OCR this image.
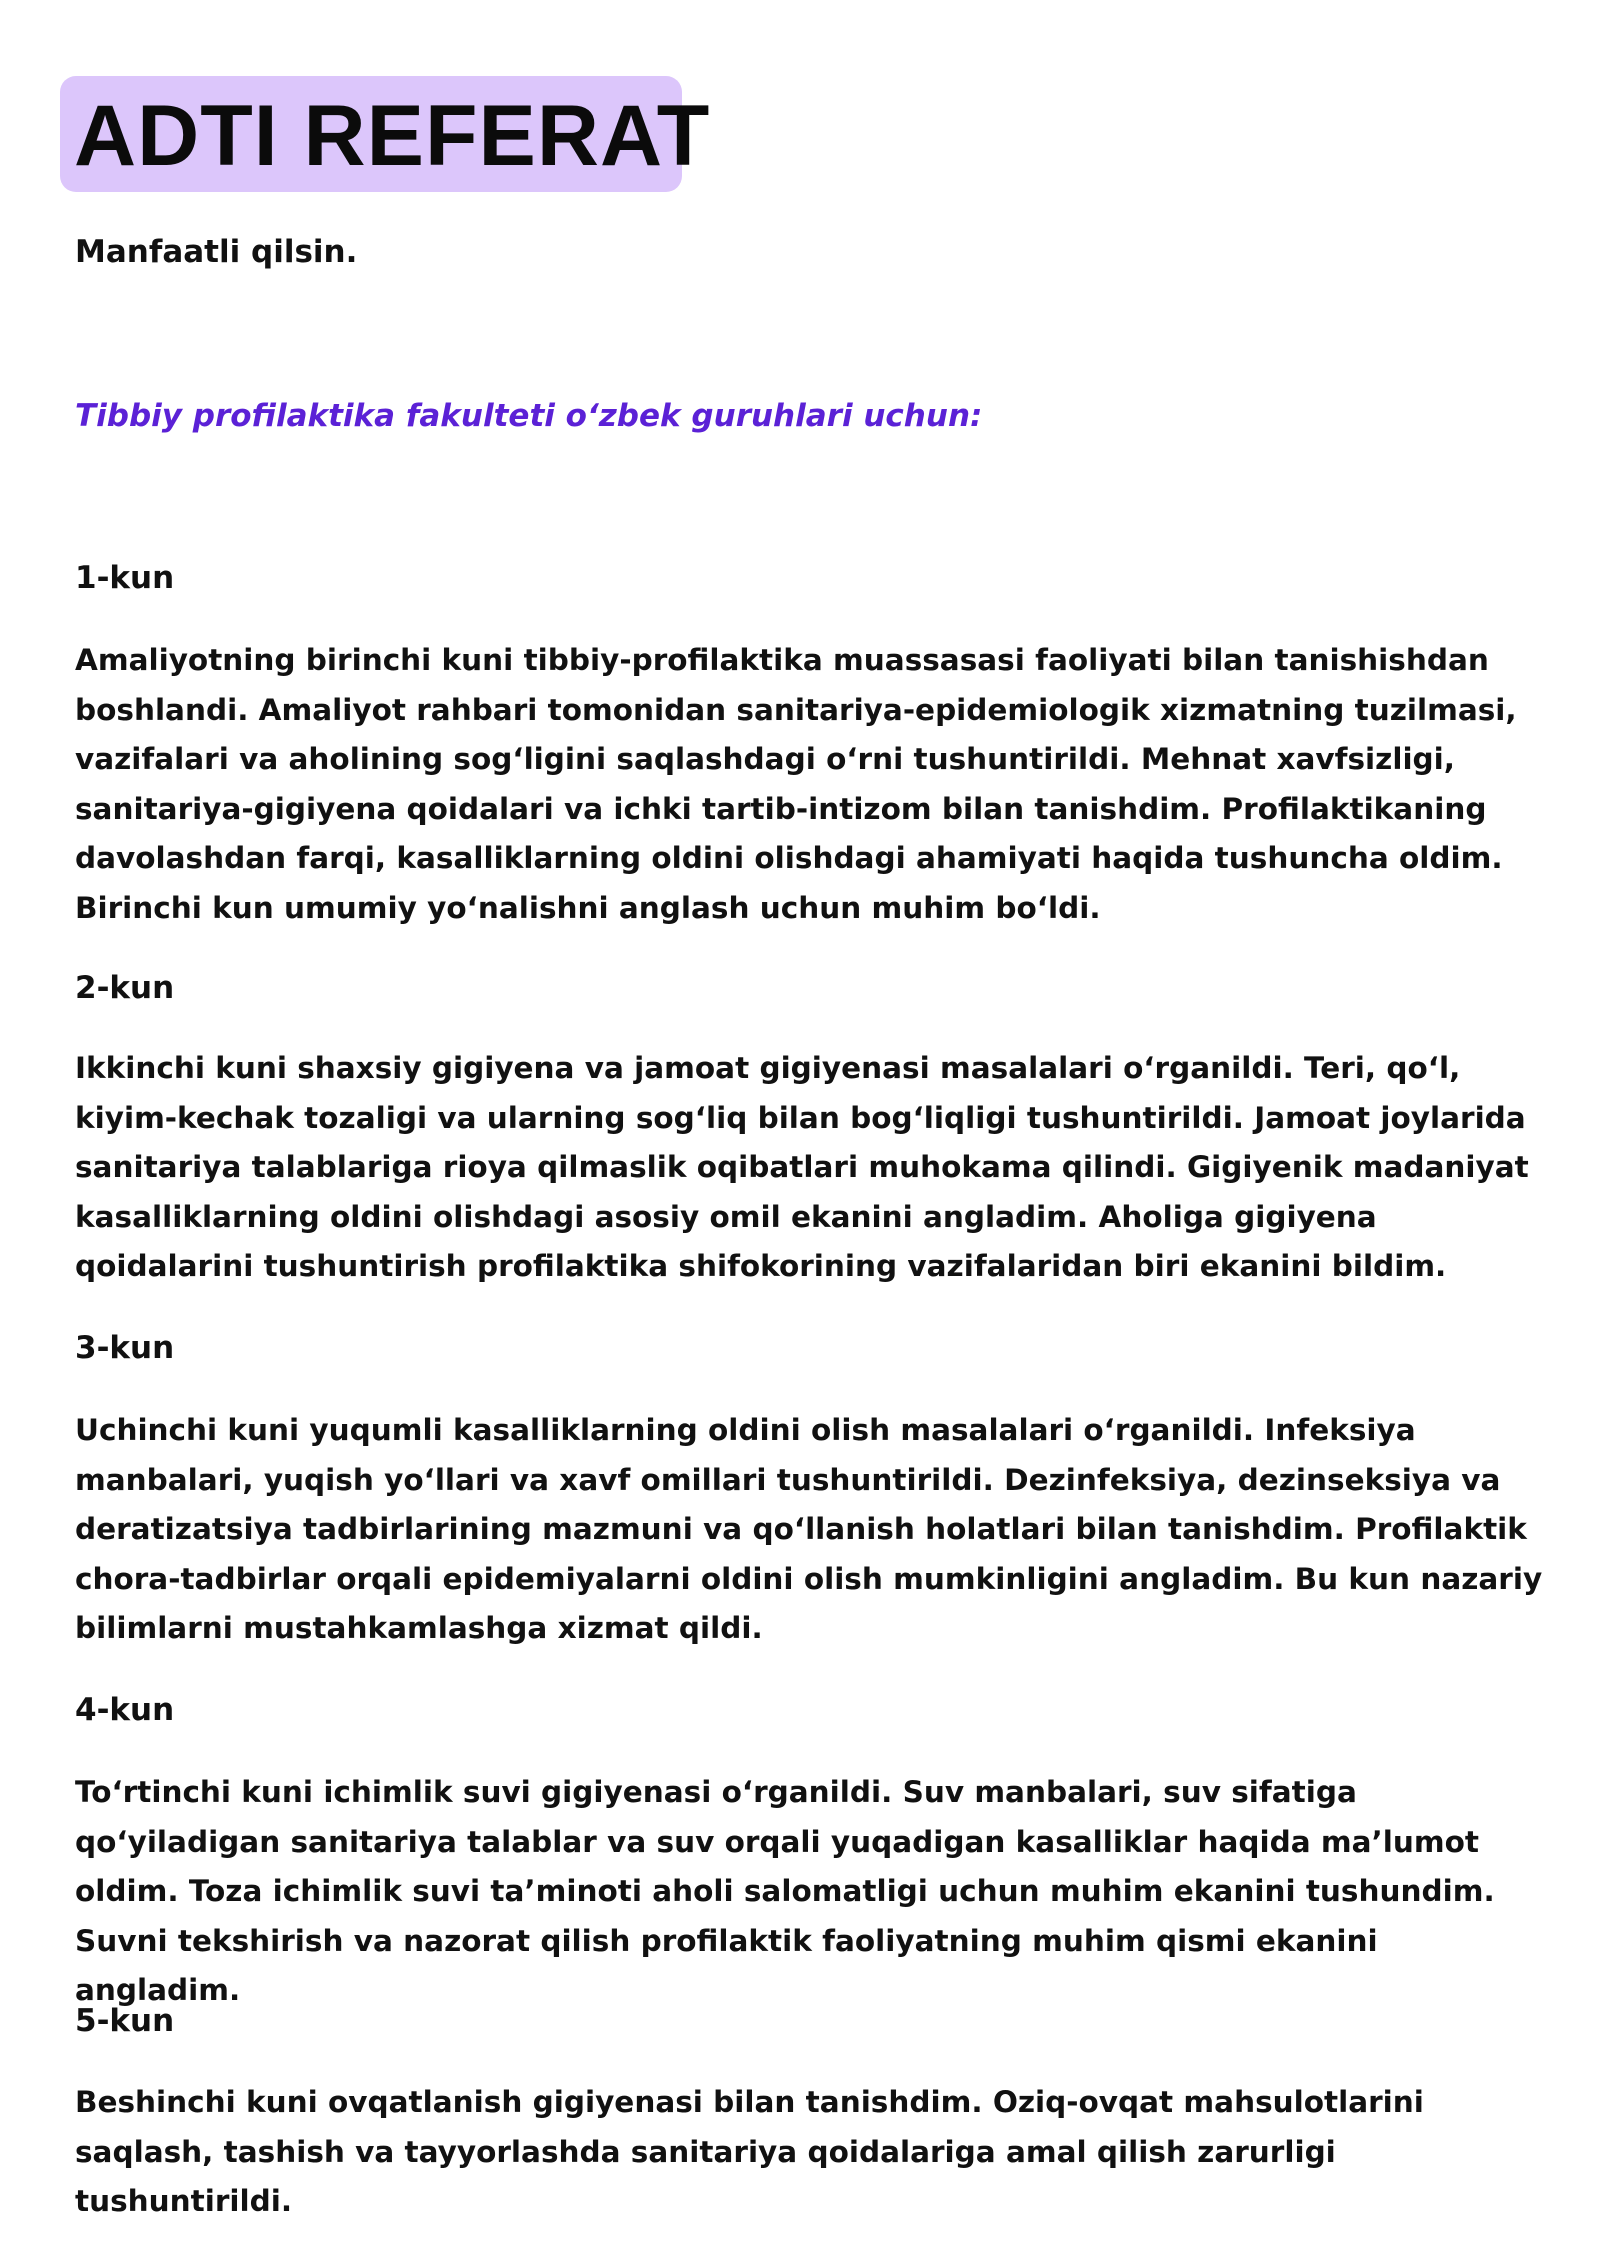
ADTI REFERAT
Manfaatli qilsin.
Tibbiy profilaktika fakulteti o‘zbek guruhlari uchun:
1-kun

Amaliyotning birinchi kuni tibbiy-profilaktika muassasasi faoliyati bilan tanishishdan boshlandi. Amaliyot rahbari tomonidan sanitariya-epidemiologik xizmatning tuzilmasi, vazifalari va aholining sog‘ligini saqlashdagi o‘rni tushuntirildi. Mehnat xavfsizligi, sanitariya-gigiyena qoidalari va ichki tartib-intizom bilan tanishdim. Profilaktikaning davolashdan farqi, kasalliklarning oldini olishdagi ahamiyati haqida tushuncha oldim. Birinchi kun umumiy yo‘nalishni anglash uchun muhim bo‘ldi.

2-kun

Ikkinchi kuni shaxsiy gigiyena va jamoat gigiyenasi masalalari o‘rganildi. Teri, qo‘l, kiyim-kechak tozaligi va ularning sog‘liq bilan bog‘liqligi tushuntirildi. Jamoat joylarida sanitariya talablariga rioya qilmaslik oqibatlari muhokama qilindi. Gigiyenik madaniyat kasalliklarning oldini olishdagi asosiy omil ekanini angladim. Aholiga gigiyena qoidalarini tushuntirish profilaktika shifokorining vazifalaridan biri ekanini bildim.

3-kun

Uchinchi kuni yuqumli kasalliklarning oldini olish masalalari o‘rganildi. Infeksiya manbalari, yuqish yo‘llari va xavf omillari tushuntirildi. Dezinfeksiya, dezinseksiya va deratizatsiya tadbirlarining mazmuni va qo‘llanish holatlari bilan tanishdim. Profilaktik chora-tadbirlar orqali epidemiyalarni oldini olish mumkinligini angladim. Bu kun nazariy bilimlarni mustahkamlashga xizmat qildi.

4-kun

To‘rtinchi kuni ichimlik suvi gigiyenasi o‘rganildi. Suv manbalari, suv sifatiga qo‘yiladigan sanitariya talablar va suv orqali yuqadigan kasalliklar haqida ma’lumot oldim. Toza ichimlik suvi ta’minoti aholi salomatligi uchun muhim ekanini tushundim. Suvni tekshirish va nazorat qilish profilaktik faoliyatning muhim qismi ekanini angladim.

5-kun

Beshinchi kuni ovqatlanish gigiyenasi bilan tanishdim. Oziq-ovqat mahsulotlarini saqlash, tashish va tayyorlashda sanitariya qoidalariga amal qilish zarurligi tushuntirildi.
